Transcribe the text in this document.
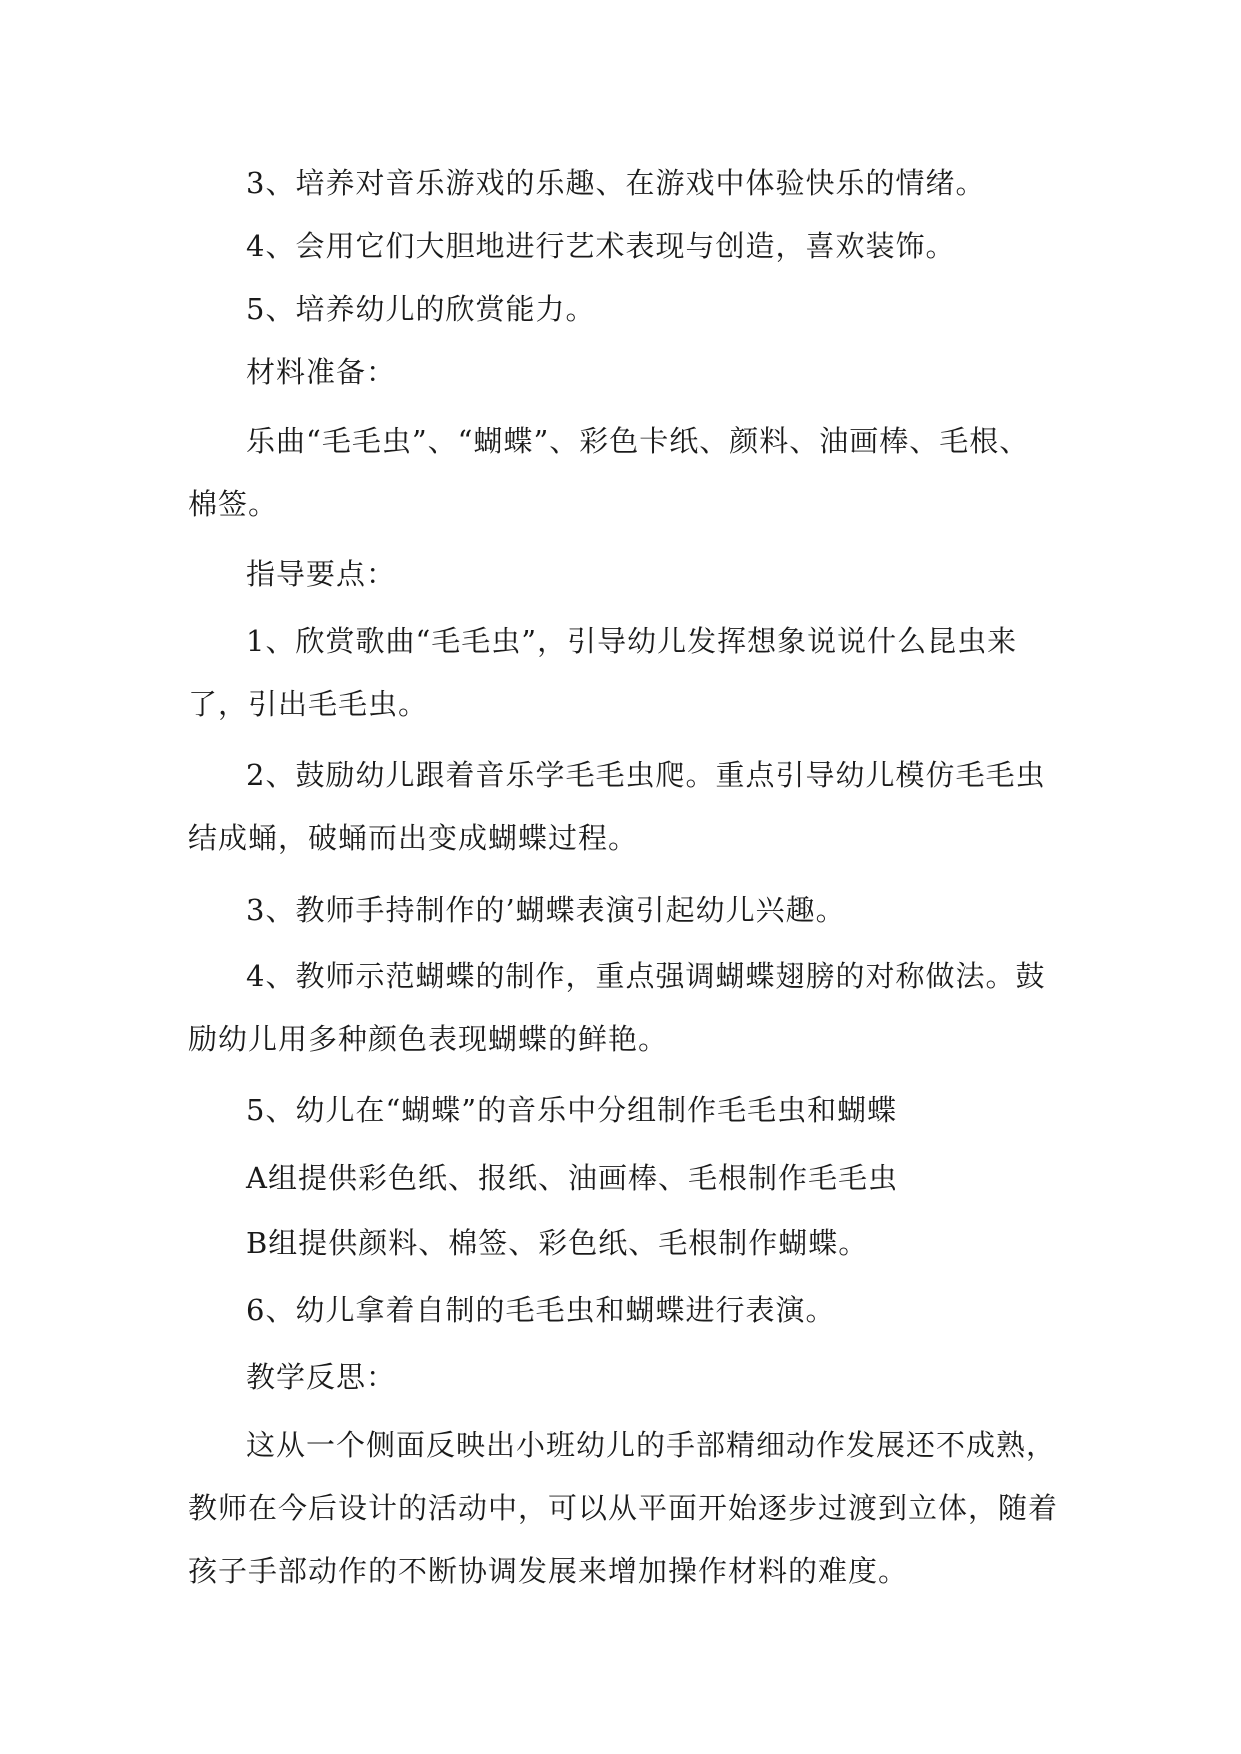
3、培养对音乐游戏的乐趣、在游戏中体验快乐的情绪。

4、会用它们大胆地进行艺术表现与创造，喜欢装饰。

5、培养幼儿的欣赏能力。

材料准备：

乐曲“毛毛虫”、“蝴蝶”、彩色卡纸、颜料、油画棒、毛根、棉签。

指导要点：

1、欣赏歌曲“毛毛虫”，引导幼儿发挥想象说说什么昆虫来了，引出毛毛虫。

2、鼓励幼儿跟着音乐学毛毛虫爬。重点引导幼儿模仿毛毛虫结成蛹，破蛹而出变成蝴蝶过程。

3、教师手持制作的’蝴蝶表演引起幼儿兴趣。

4、教师示范蝴蝶的制作，重点强调蝴蝶翅膀的对称做法。鼓励幼儿用多种颜色表现蝴蝶的鲜艳。

5、幼儿在“蝴蝶”的音乐中分组制作毛毛虫和蝴蝶

A组提供彩色纸、报纸、油画棒、毛根制作毛毛虫

B组提供颜料、棉签、彩色纸、毛根制作蝴蝶。

6、幼儿拿着自制的毛毛虫和蝴蝶进行表演。

教学反思：

这从一个侧面反映出小班幼儿的手部精细动作发展还不成熟，教师在今后设计的活动中，可以从平面开始逐步过渡到立体，随着孩子手部动作的不断协调发展来增加操作材料的难度。
